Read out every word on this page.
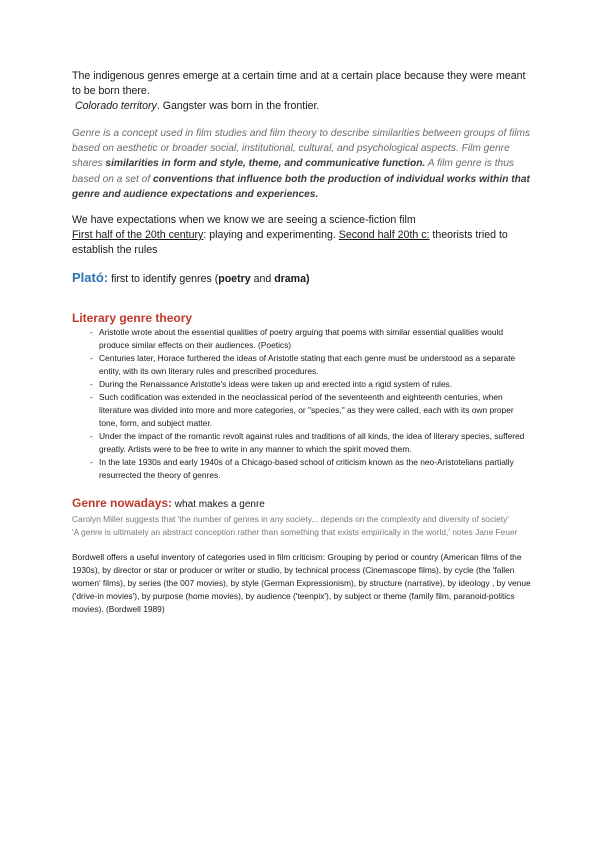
The indigenous genres emerge at a certain time and at a certain place because they were meant to be born there.
Colorado territory. Gangster was born in the frontier.

Genre is a concept used in film studies and film theory to describe similarities between groups of films based on aesthetic or broader social, institutional, cultural, and psychological aspects. Film genre shares similarities in form and style, theme, and communicative function. A film genre is thus based on a set of conventions that influence both the production of individual works within that genre and audience expectations and experiences.

We have expectations when we know we are seeing a science-fiction film
First half of the 20th century: playing and experimenting. Second half 20th c: theorists tried to establish the rules

Plató: first to identify genres (poetry and drama)

Literary genre theory

- Aristotle wrote about the essential qualities of poetry arguing that poems with similar essential qualities would produce similar effects on their audiences. (Poetics)
- Centuries later, Horace furthered the ideas of Aristotle stating that each genre must be understood as a separate entity, with its own literary rules and prescribed procedures.
- During the Renaissance Aristotle's ideas were taken up and erected into a rigid system of rules.
- Such codification was extended in the neoclassical period of the seventeenth and eighteenth centuries, when literature was divided into more and more categories, or "species," as they were called, each with its own proper tone, form, and subject matter.
- Under the impact of the romantic revolt against rules and traditions of all kinds, the idea of literary species, suffered greatly. Artists were to be free to write in any manner to which the spirit moved them.
- In the late 1930s and early 1940s of a Chicago-based school of criticism known as the neo-Aristotelians partially resurrected the theory of genres.

Genre nowadays: what makes a genre

Carolyn Miller suggests that 'the number of genres in any society... depends on the complexity and diversity of society'

'A genre is ultimately an abstract conception rather than something that exists empirically in the world,' notes Jane Feuer

Bordwell offers a useful inventory of categories used in film criticism: Grouping by period or country (American films of the 1930s), by director or star or producer or writer or studio, by technical process (Cinemascope films), by cycle (the 'fallen women' films), by series (the 007 movies), by style (German Expressionism), by structure (narrative), by ideology , by venue ('drive-in movies'), by purpose (home movies), by audience ('teenpix'), by subject or theme (family film, paranoid-politics movies). (Bordwell 1989)
